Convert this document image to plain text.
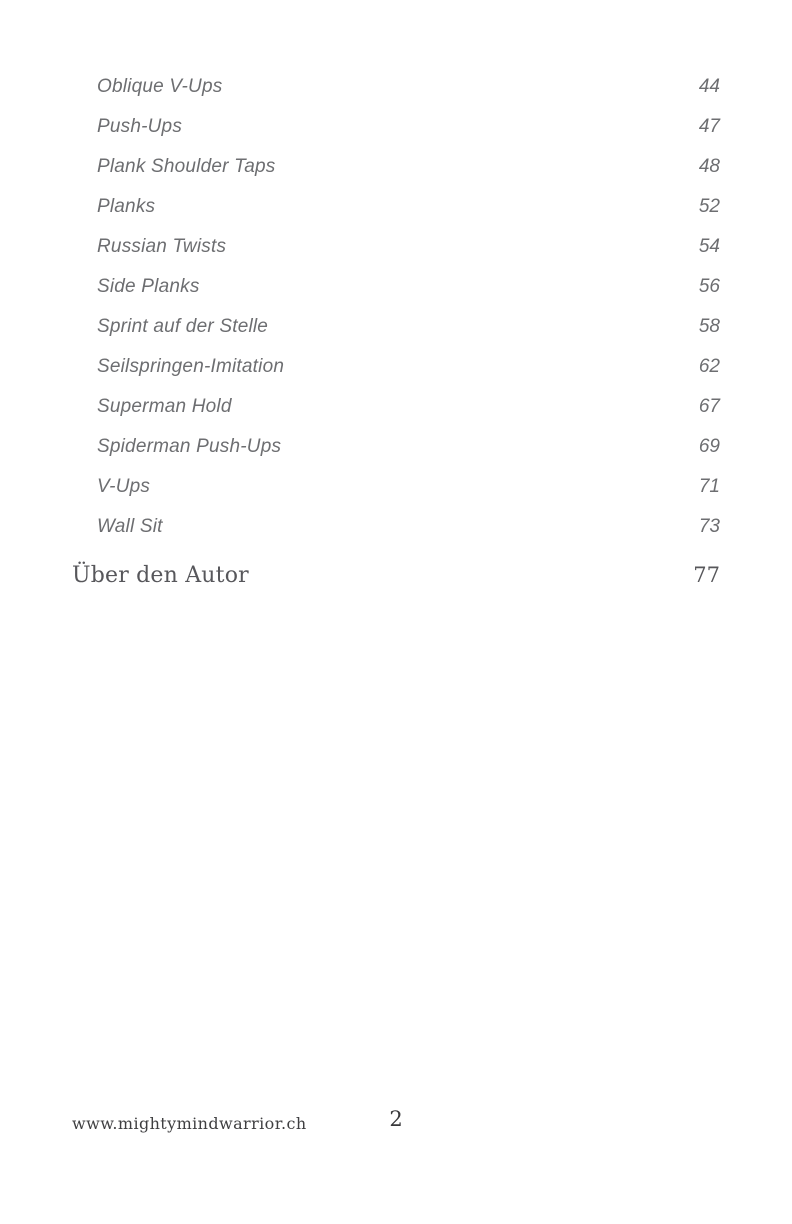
Oblique V-Ups	44
Push-Ups	47
Plank Shoulder Taps	48
Planks	52
Russian Twists	54
Side Planks	56
Sprint auf der Stelle	58
Seilspringen-Imitation	62
Superman Hold	67
Spiderman Push-Ups	69
V-Ups	71
Wall Sit	73
Über den Autor	77
www.mightymindwarrior.ch	2
